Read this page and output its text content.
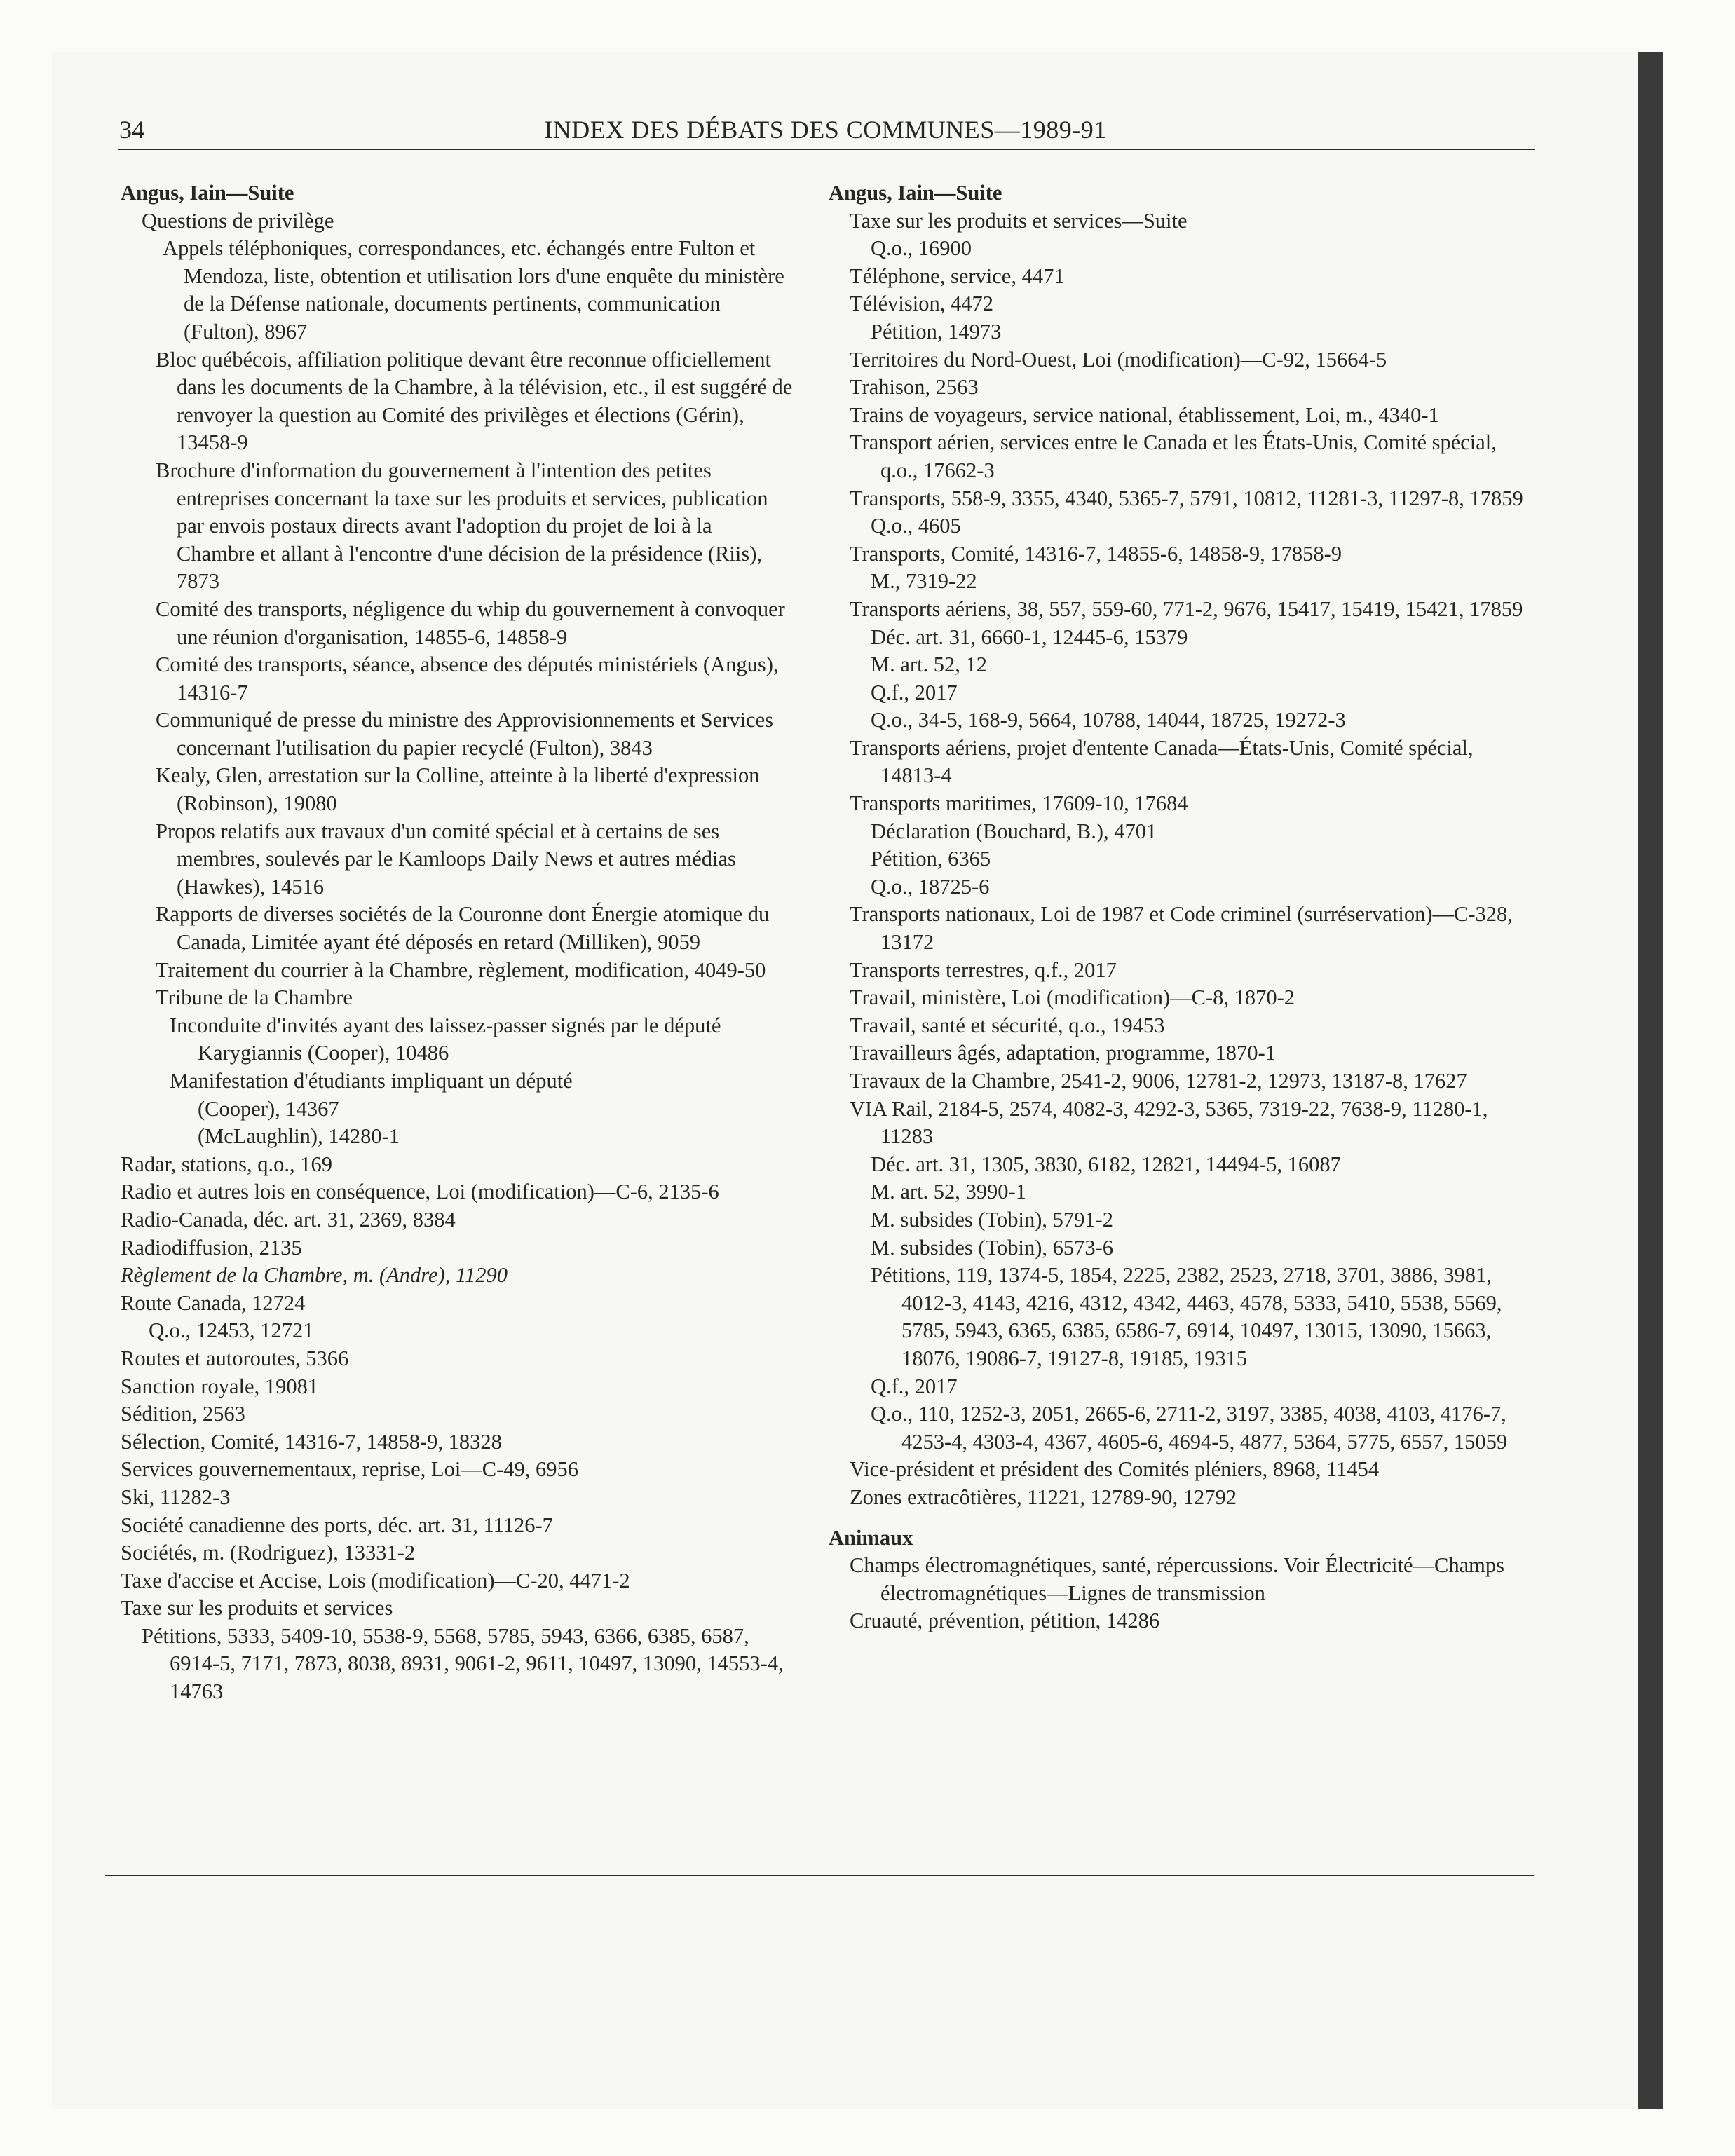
34	INDEX DES DÉBATS DES COMMUNES—1989-91
Angus, Iain—Suite
Questions de privilège
Appels téléphoniques, correspondances, etc. échangés entre Fulton et Mendoza, liste, obtention et utilisation lors d'une enquête du ministère de la Défense nationale, documents pertinents, communication (Fulton), 8967
Bloc québécois, affiliation politique devant être reconnue officiellement dans les documents de la Chambre, à la télévision, etc., il est suggéré de renvoyer la question au Comité des privilèges et élections (Gérin), 13458-9
Brochure d'information du gouvernement à l'intention des petites entreprises concernant la taxe sur les produits et services, publication par envois postaux directs avant l'adoption du projet de loi à la Chambre et allant à l'encontre d'une décision de la présidence (Riis), 7873
Comité des transports, négligence du whip du gouvernement à convoquer une réunion d'organisation, 14855-6, 14858-9
Comité des transports, séance, absence des députés ministériels (Angus), 14316-7
Communiqué de presse du ministre des Approvisionnements et Services concernant l'utilisation du papier recyclé (Fulton), 3843
Kealy, Glen, arrestation sur la Colline, atteinte à la liberté d'expression (Robinson), 19080
Propos relatifs aux travaux d'un comité spécial et à certains de ses membres, soulevés par le Kamloops Daily News et autres médias (Hawkes), 14516
Rapports de diverses sociétés de la Couronne dont Énergie atomique du Canada, Limitée ayant été déposés en retard (Milliken), 9059
Traitement du courrier à la Chambre, règlement, modification, 4049-50
Tribune de la Chambre
Inconduite d'invités ayant des laissez-passer signés par le député Karygiannis (Cooper), 10486
Manifestation d'étudiants impliquant un député
(Cooper), 14367
(McLaughlin), 14280-1
Radar, stations, q.o., 169
Radio et autres lois en conséquence, Loi (modification)—C-6, 2135-6
Radio-Canada, déc. art. 31, 2369, 8384
Radiodiffusion, 2135
Règlement de la Chambre, m. (Andre), 11290
Route Canada, 12724
Q.o., 12453, 12721
Routes et autoroutes, 5366
Sanction royale, 19081
Sédition, 2563
Sélection, Comité, 14316-7, 14858-9, 18328
Services gouvernementaux, reprise, Loi—C-49, 6956
Ski, 11282-3
Société canadienne des ports, déc. art. 31, 11126-7
Sociétés, m. (Rodriguez), 13331-2
Taxe d'accise et Accise, Lois (modification)—C-20, 4471-2
Taxe sur les produits et services
Pétitions, 5333, 5409-10, 5538-9, 5568, 5785, 5943, 6366, 6385, 6587, 6914-5, 7171, 7873, 8038, 8931, 9061-2, 9611, 10497, 13090, 14553-4, 14763
Angus, Iain—Suite
Taxe sur les produits et services—Suite
Q.o., 16900
Téléphone, service, 4471
Télévision, 4472
Pétition, 14973
Territoires du Nord-Ouest, Loi (modification)—C-92, 15664-5
Trahison, 2563
Trains de voyageurs, service national, établissement, Loi, m., 4340-1
Transport aérien, services entre le Canada et les États-Unis, Comité spécial, q.o., 17662-3
Transports, 558-9, 3355, 4340, 5365-7, 5791, 10812, 11281-3, 11297-8, 17859
Q.o., 4605
Transports, Comité, 14316-7, 14855-6, 14858-9, 17858-9
M., 7319-22
Transports aériens, 38, 557, 559-60, 771-2, 9676, 15417, 15419, 15421, 17859
Déc. art. 31, 6660-1, 12445-6, 15379
M. art. 52, 12
Q.f., 2017
Q.o., 34-5, 168-9, 5664, 10788, 14044, 18725, 19272-3
Transports aériens, projet d'entente Canada—États-Unis, Comité spécial, 14813-4
Transports maritimes, 17609-10, 17684
Déclaration (Bouchard, B.), 4701
Pétition, 6365
Q.o., 18725-6
Transports nationaux, Loi de 1987 et Code criminel (surréservation)—C-328, 13172
Transports terrestres, q.f., 2017
Travail, ministère, Loi (modification)—C-8, 1870-2
Travail, santé et sécurité, q.o., 19453
Travailleurs âgés, adaptation, programme, 1870-1
Travaux de la Chambre, 2541-2, 9006, 12781-2, 12973, 13187-8, 17627
VIA Rail, 2184-5, 2574, 4082-3, 4292-3, 5365, 7319-22, 7638-9, 11280-1, 11283
Déc. art. 31, 1305, 3830, 6182, 12821, 14494-5, 16087
M. art. 52, 3990-1
M. subsides (Tobin), 5791-2
M. subsides (Tobin), 6573-6
Pétitions, 119, 1374-5, 1854, 2225, 2382, 2523, 2718, 3701, 3886, 3981, 4012-3, 4143, 4216, 4312, 4342, 4463, 4578, 5333, 5410, 5538, 5569, 5785, 5943, 6365, 6385, 6586-7, 6914, 10497, 13015, 13090, 15663, 18076, 19086-7, 19127-8, 19185, 19315
Q.f., 2017
Q.o., 110, 1252-3, 2051, 2665-6, 2711-2, 3197, 3385, 4038, 4103, 4176-7, 4253-4, 4303-4, 4367, 4605-6, 4694-5, 4877, 5364, 5775, 6557, 15059
Vice-président et président des Comités pléniers, 8968, 11454
Zones extracôtières, 11221, 12789-90, 12792
Animaux
Champs électromagnétiques, santé, répercussions. Voir Électricité—Champs électromagnétiques—Lignes de transmission
Cruauté, prévention, pétition, 14286
